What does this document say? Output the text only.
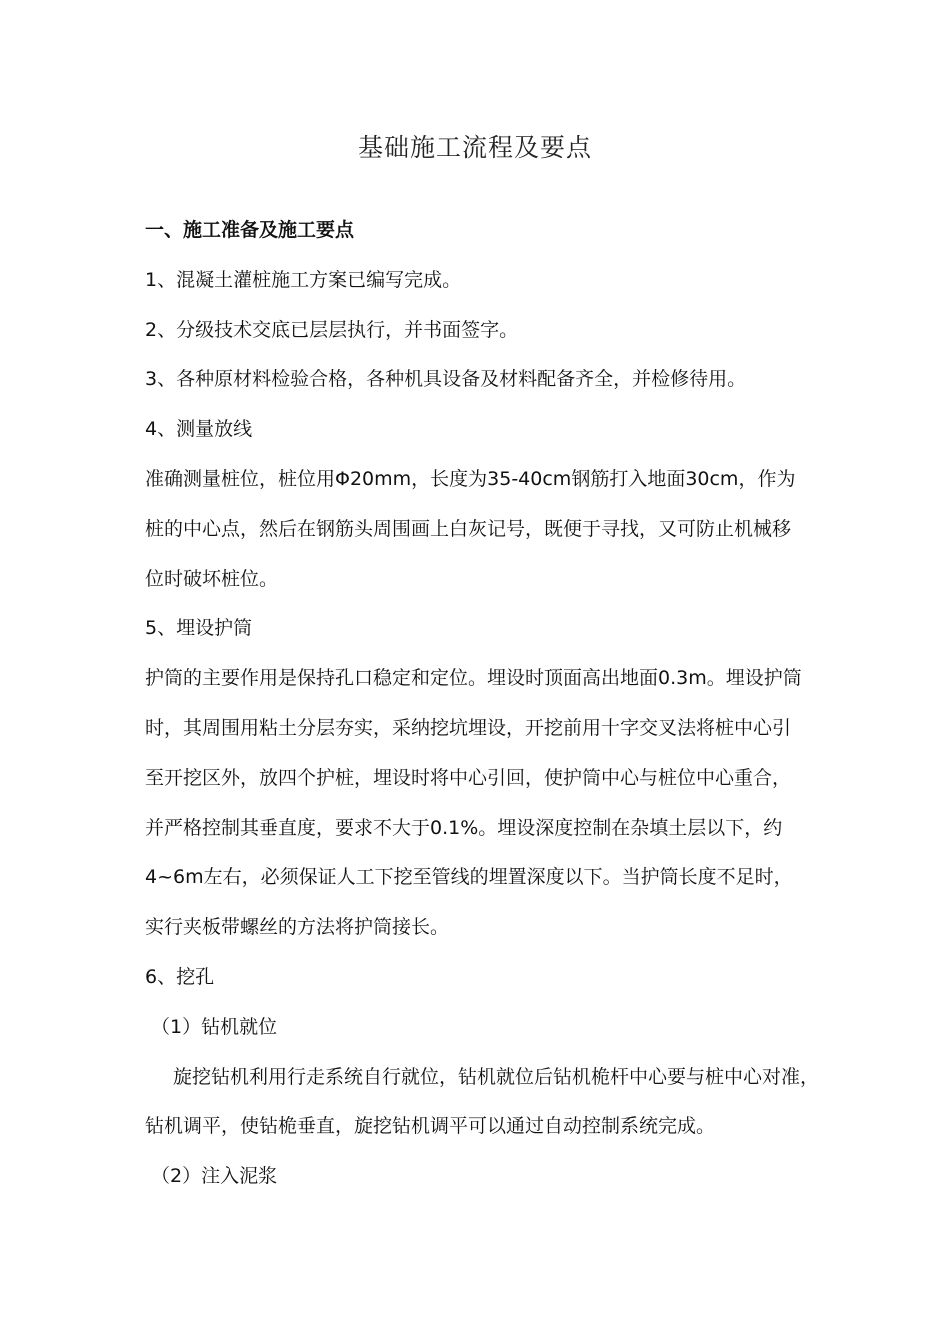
基础施工流程及要点

一、施工准备及施工要点

1、混凝土灌桩施工方案已编写完成。

2、分级技术交底已层层执行，并书面签字。

3、各种原材料检验合格，各种机具设备及材料配备齐全，并检修待用。

4、测量放线

准确测量桩位，桩位用Φ20mm，长度为35-40cm钢筋打入地面30cm，作为

桩的中心点，然后在钢筋头周围画上白灰记号，既便于寻找，又可防止机械移

位时破坏桩位。

5、埋设护筒

护筒的主要作用是保持孔口稳定和定位。埋设时顶面高出地面0.3m。埋设护筒

时，其周围用粘土分层夯实，采纳挖坑埋设，开挖前用十字交叉法将桩中心引

至开挖区外，放四个护桩，埋设时将中心引回，使护筒中心与桩位中心重合，

并严格控制其垂直度，要求不大于0.1%。埋设深度控制在杂填土层以下，约

4~6m左右，必须保证人工下挖至管线的埋置深度以下。当护筒长度不足时，

实行夹板带螺丝的方法将护筒接长。

6、挖孔

（1）钻机就位

旋挖钻机利用行走系统自行就位，钻机就位后钻机桅杆中心要与桩中心对准，

钻机调平，使钻桅垂直，旋挖钻机调平可以通过自动控制系统完成。

（2）注入泥浆
